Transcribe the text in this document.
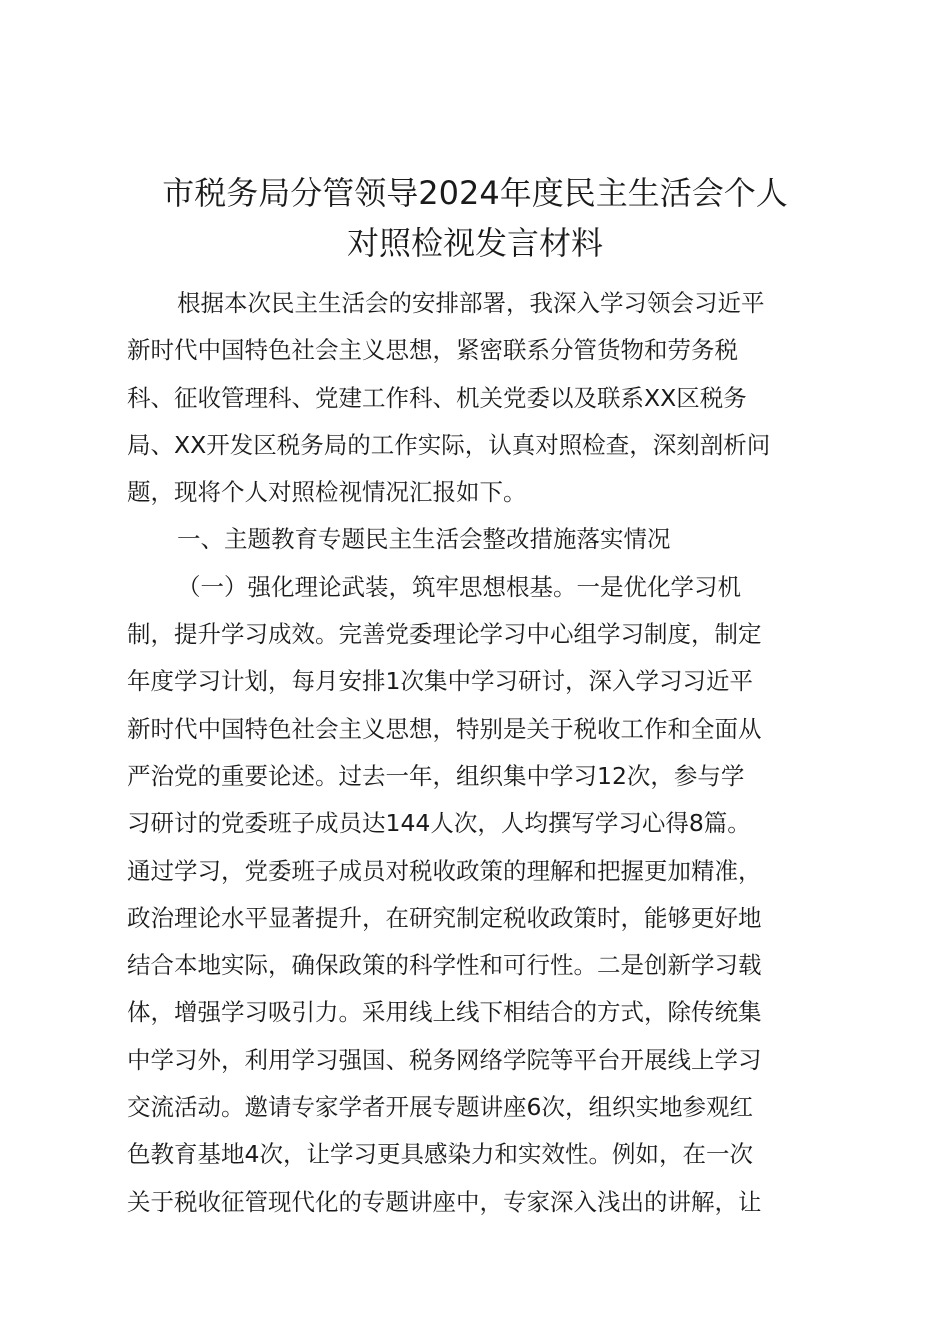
市税务局分管领导2024年度民主生活会个人
对照检视发言材料
根据本次民主生活会的安排部署，我深入学习领会习近平
新时代中国特色社会主义思想，紧密联系分管货物和劳务税
科、征收管理科、党建工作科、机关党委以及联系XX区税务
局、XX开发区税务局的工作实际，认真对照检查，深刻剖析问
题，现将个人对照检视情况汇报如下。
一、主题教育专题民主生活会整改措施落实情况
（一）强化理论武装，筑牢思想根基。一是优化学习机
制，提升学习成效。完善党委理论学习中心组学习制度，制定
年度学习计划，每月安排1次集中学习研讨，深入学习习近平
新时代中国特色社会主义思想，特别是关于税收工作和全面从
严治党的重要论述。过去一年，组织集中学习12次，参与学
习研讨的党委班子成员达144人次，人均撰写学习心得8篇。
通过学习，党委班子成员对税收政策的理解和把握更加精准，
政治理论水平显著提升，在研究制定税收政策时，能够更好地
结合本地实际，确保政策的科学性和可行性。二是创新学习载
体，增强学习吸引力。采用线上线下相结合的方式，除传统集
中学习外，利用学习强国、税务网络学院等平台开展线上学习
交流活动。邀请专家学者开展专题讲座6次，组织实地参观红
色教育基地4次，让学习更具感染力和实效性。例如，在一次
关于税收征管现代化的专题讲座中，专家深入浅出的讲解，让
